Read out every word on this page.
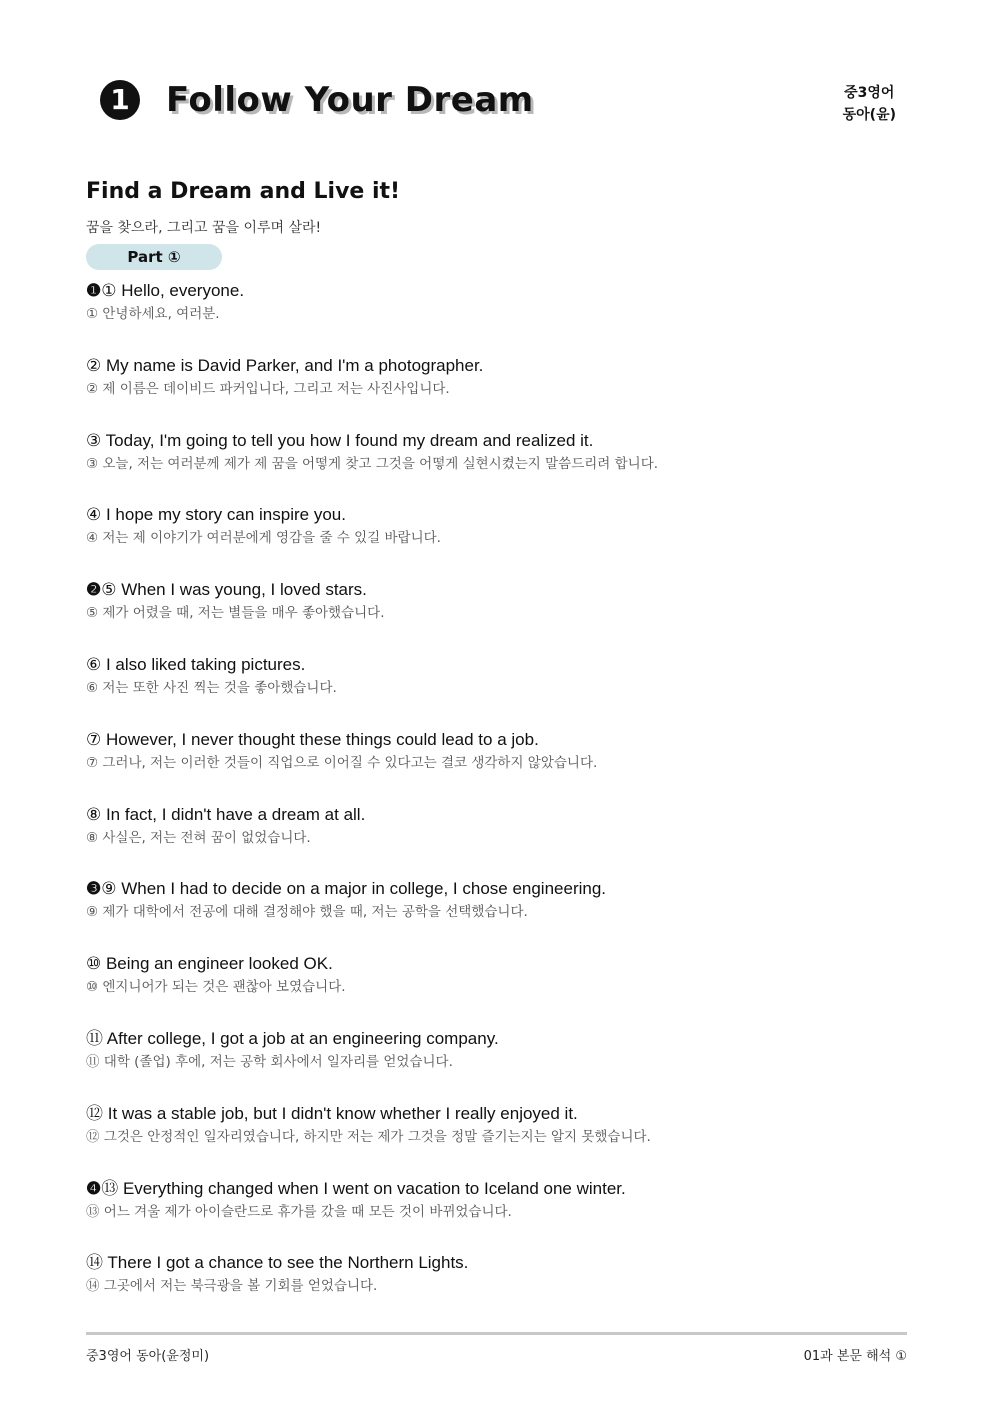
1	Follow Your Dream	중3영어
동아(윤)
Find a Dream and Live it!
꿈을 찾으라, 그리고 꿈을 이루며 살라!
Part ①
❶① Hello, everyone.
① 안녕하세요, 여러분.
② My name is David Parker, and I'm a photographer.
② 제 이름은 데이비드 파커입니다, 그리고 저는 사진사입니다.
③ Today, I'm going to tell you how I found my dream and realized it.
③ 오늘, 저는 여러분께 제가 제 꿈을 어떻게 찾고 그것을 어떻게 실현시켰는지 말씀드리려 합니다.
④ I hope my story can inspire you.
④ 저는 제 이야기가 여러분에게 영감을 줄 수 있길 바랍니다.
❷⑤ When I was young, I loved stars.
⑤ 제가 어렸을 때, 저는 별들을 매우 좋아했습니다.
⑥ I also liked taking pictures.
⑥ 저는 또한 사진 찍는 것을 좋아했습니다.
⑦ However, I never thought these things could lead to a job.
⑦ 그러나, 저는 이러한 것들이 직업으로 이어질 수 있다고는 결코 생각하지 않았습니다.
⑧ In fact, I didn't have a dream at all.
⑧ 사실은, 저는 전혀 꿈이 없었습니다.
❸⑨ When I had to decide on a major in college, I chose engineering.
⑨ 제가 대학에서 전공에 대해 결정해야 했을 때, 저는 공학을 선택했습니다.
⑩ Being an engineer looked OK.
⑩ 엔지니어가 되는 것은 괜찮아 보였습니다.
⑪ After college, I got a job at an engineering company.
⑪ 대학 (졸업) 후에, 저는 공학 회사에서 일자리를 얻었습니다.
⑫ It was a stable job, but I didn't know whether I really enjoyed it.
⑫ 그것은 안정적인 일자리였습니다, 하지만 저는 제가 그것을 정말 즐기는지는 알지 못했습니다.
❹⑬ Everything changed when I went on vacation to Iceland one winter.
⑬ 어느 겨울 제가 아이슬란드로 휴가를 갔을 때 모든 것이 바뀌었습니다.
⑭ There I got a chance to see the Northern Lights.
⑭ 그곳에서 저는 북극광을 볼 기회를 얻었습니다.
중3영어 동아(윤정미)	01과 본문 해석 ①
